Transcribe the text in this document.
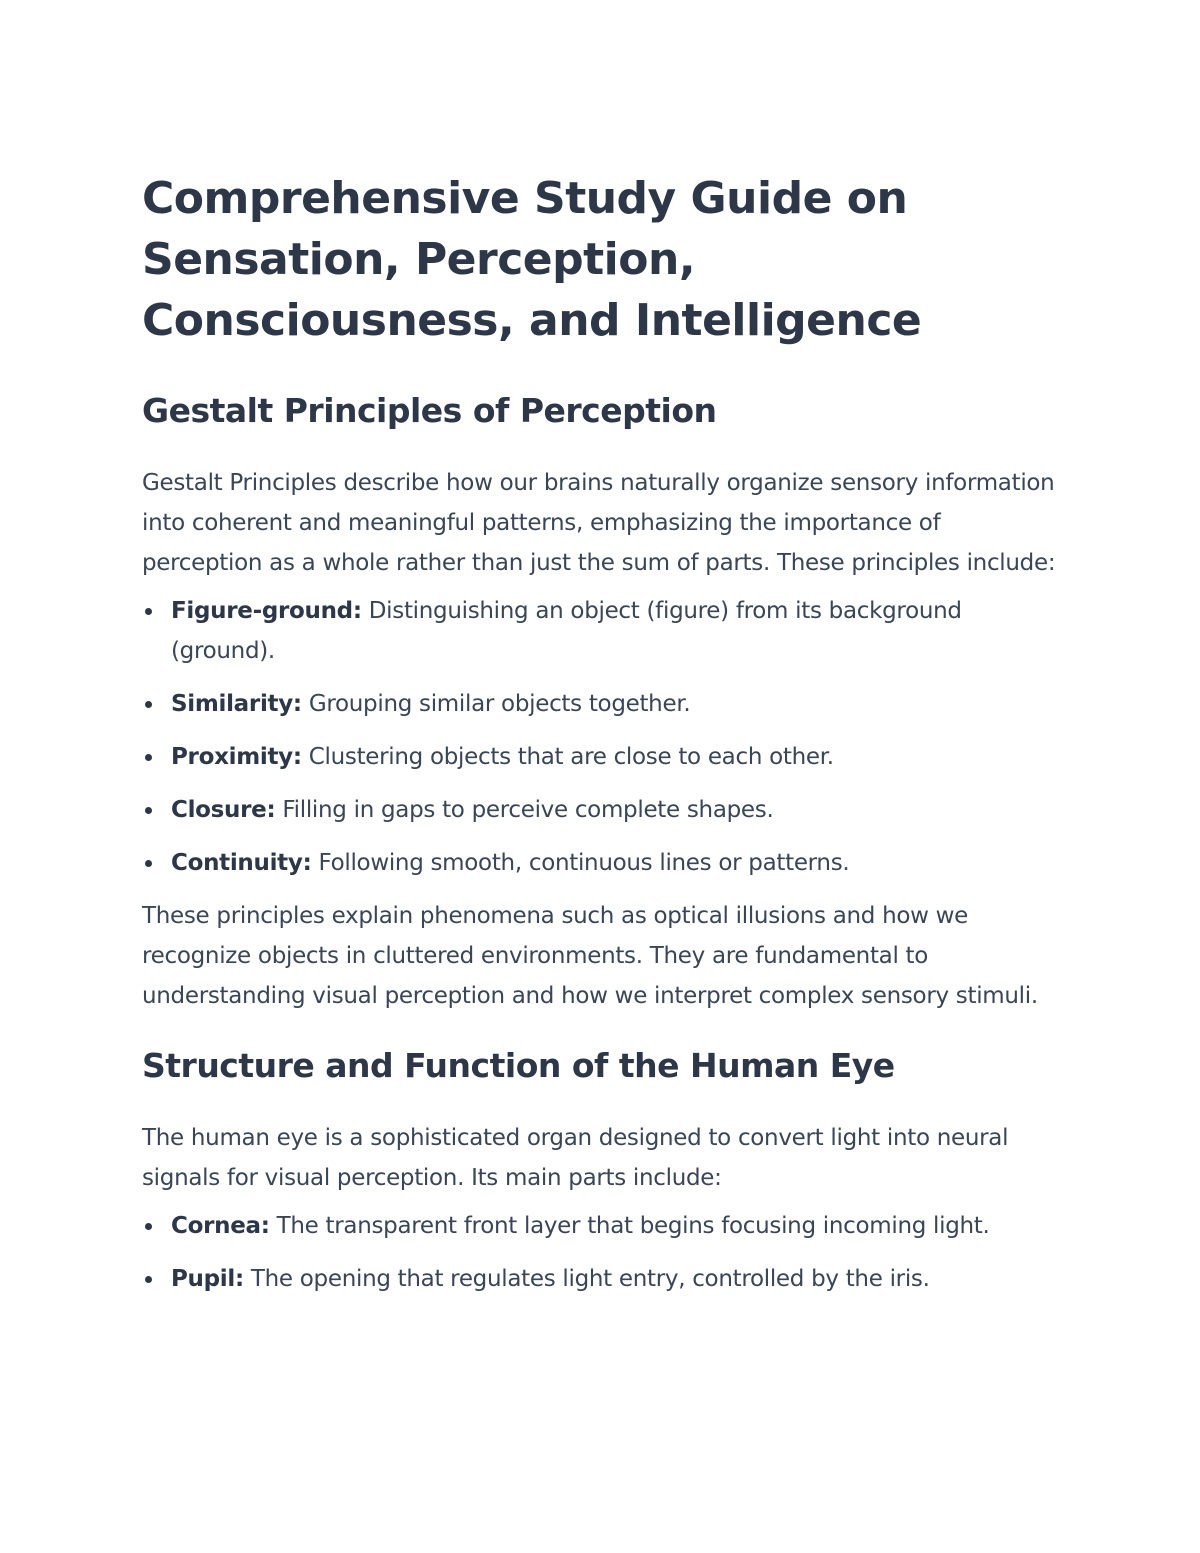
Comprehensive Study Guide on Sensation, Perception, Consciousness, and Intelligence
Gestalt Principles of Perception

Gestalt Principles describe how our brains naturally organize sensory information into coherent and meaningful patterns, emphasizing the importance of perception as a whole rather than just the sum of parts. These principles include:

Figure-ground: Distinguishing an object (figure) from its background (ground).
Similarity: Grouping similar objects together.
Proximity: Clustering objects that are close to each other.
Closure: Filling in gaps to perceive complete shapes.
Continuity: Following smooth, continuous lines or patterns.

These principles explain phenomena such as optical illusions and how we recognize objects in cluttered environments. They are fundamental to understanding visual perception and how we interpret complex sensory stimuli.

Structure and Function of the Human Eye

The human eye is a sophisticated organ designed to convert light into neural signals for visual perception. Its main parts include:

Cornea: The transparent front layer that begins focusing incoming light.
Pupil: The opening that regulates light entry, controlled by the iris.
